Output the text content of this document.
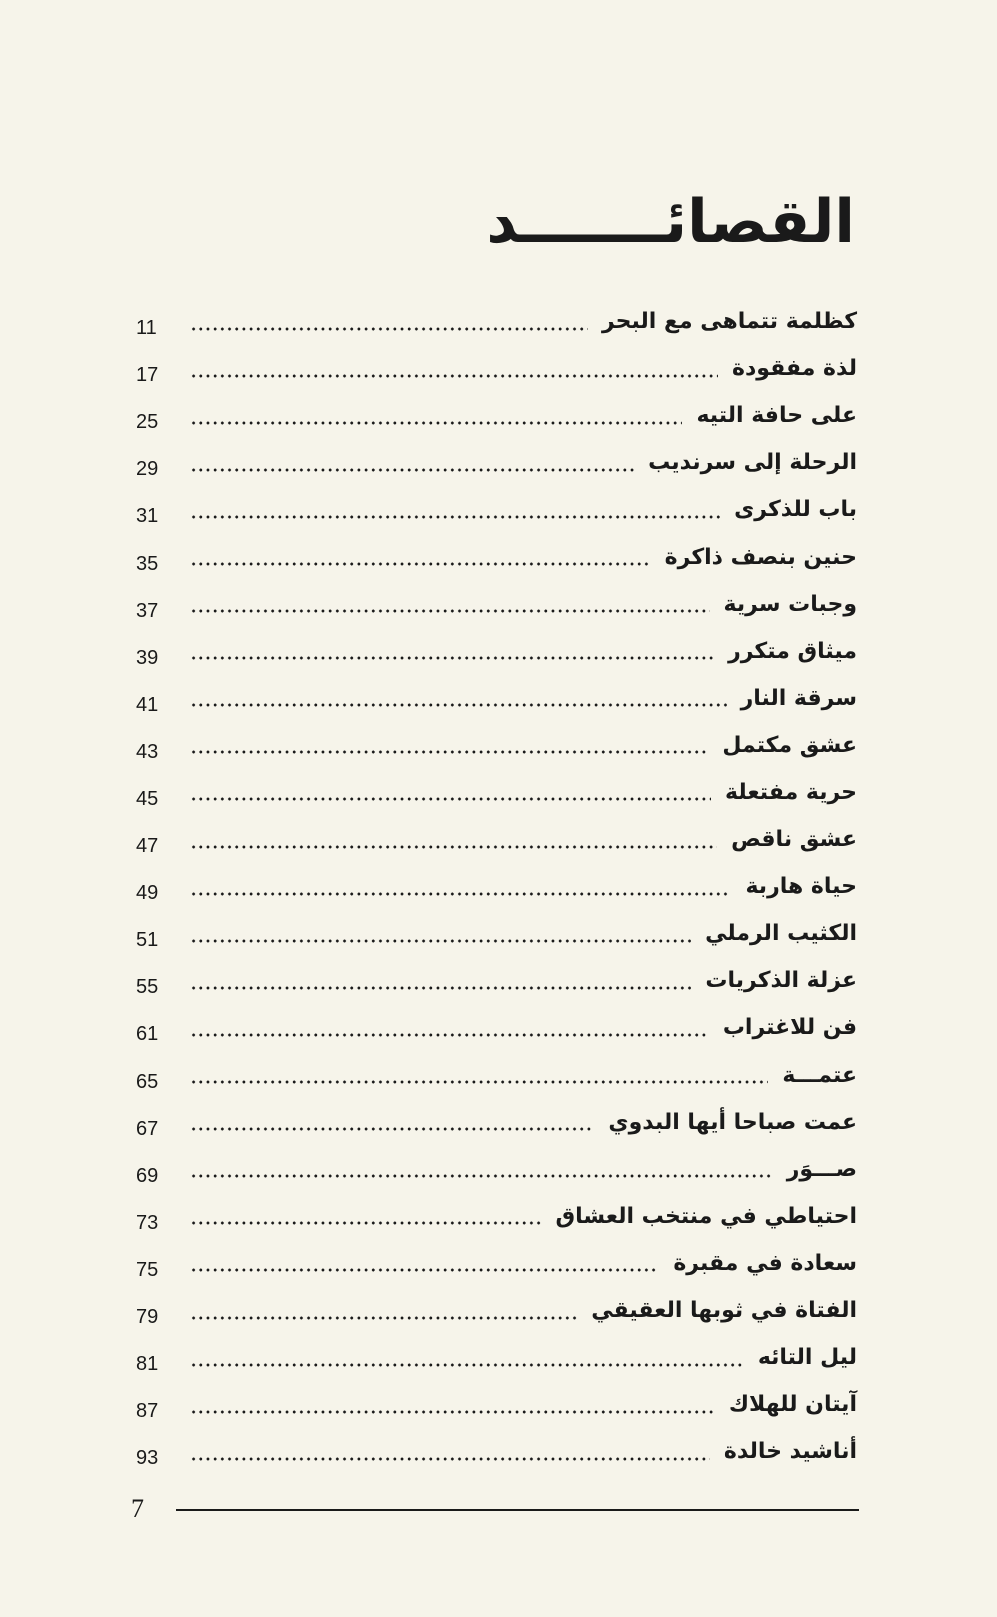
القصائـــــــد
11	كظلمة تتماهى مع البحر
17	لذة مفقودة
25	على حافة التيه
29	الرحلة إلى سرنديب
31	باب للذكرى
35	حنين بنصف ذاكرة
37	وجبات سرية
39	ميثاق متكرر
41	سرقة النار
43	عشق مكتمل
45	حرية مفتعلة
47	عشق ناقص
49	حياة هاربة
51	الكثيب الرملي
55	عزلة الذكريات
61	فن للاغتراب
65	عتمـــة
67	عمت صباحا أيها البدوي
69	صـــوَر
73	احتياطي في منتخب العشاق
75	سعادة في مقبرة
79	الفتاة في ثوبها العقيقي
81	ليل التائه
87	آيتان للهلاك
93	أناشيد خالدة
7
